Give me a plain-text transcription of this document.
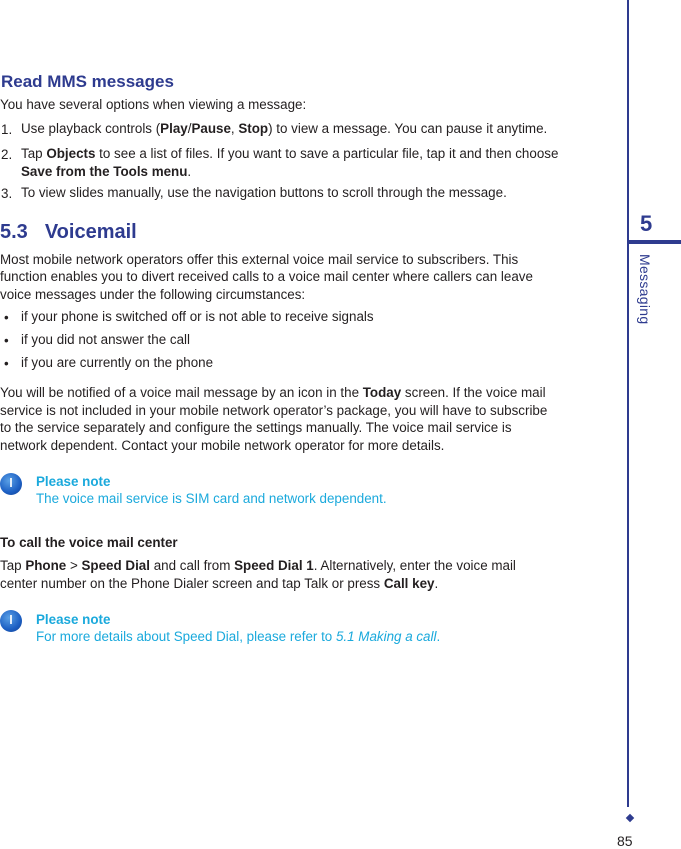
Read MMS messages
You have several options when viewing a message:
1. Use playback controls (Play/Pause, Stop) to view a message. You can pause it anytime.
2. Tap Objects to see a list of files. If you want to save a particular file, tap it and then choose
Save from the Tools menu.
3. To view slides manually, use the navigation buttons to scroll through the message.
5.3 Voicemail
Most mobile network operators offer this external voice mail service to subscribers. This
function enables you to divert received calls to a voice mail center where callers can leave
voice messages under the following circumstances:
• if your phone is switched off or is not able to receive signals
• if you did not answer the call
• if you are currently on the phone
You will be notified of a voice mail message by an icon in the Today screen. If the voice mail
service is not included in your mobile network operator’s package, you will have to subscribe
to the service separately and configure the settings manually. The voice mail service is
network dependent. Contact your mobile network operator for more details.
Please note
The voice mail service is SIM card and network dependent.
To call the voice mail center
Tap Phone > Speed Dial and call from Speed Dial 1. Alternatively, enter the voice mail
center number on the Phone Dialer screen and tap Talk or press Call key.
Please note
For more details about Speed Dial, please refer to 5.1 Making a call.
5
Messaging
85
